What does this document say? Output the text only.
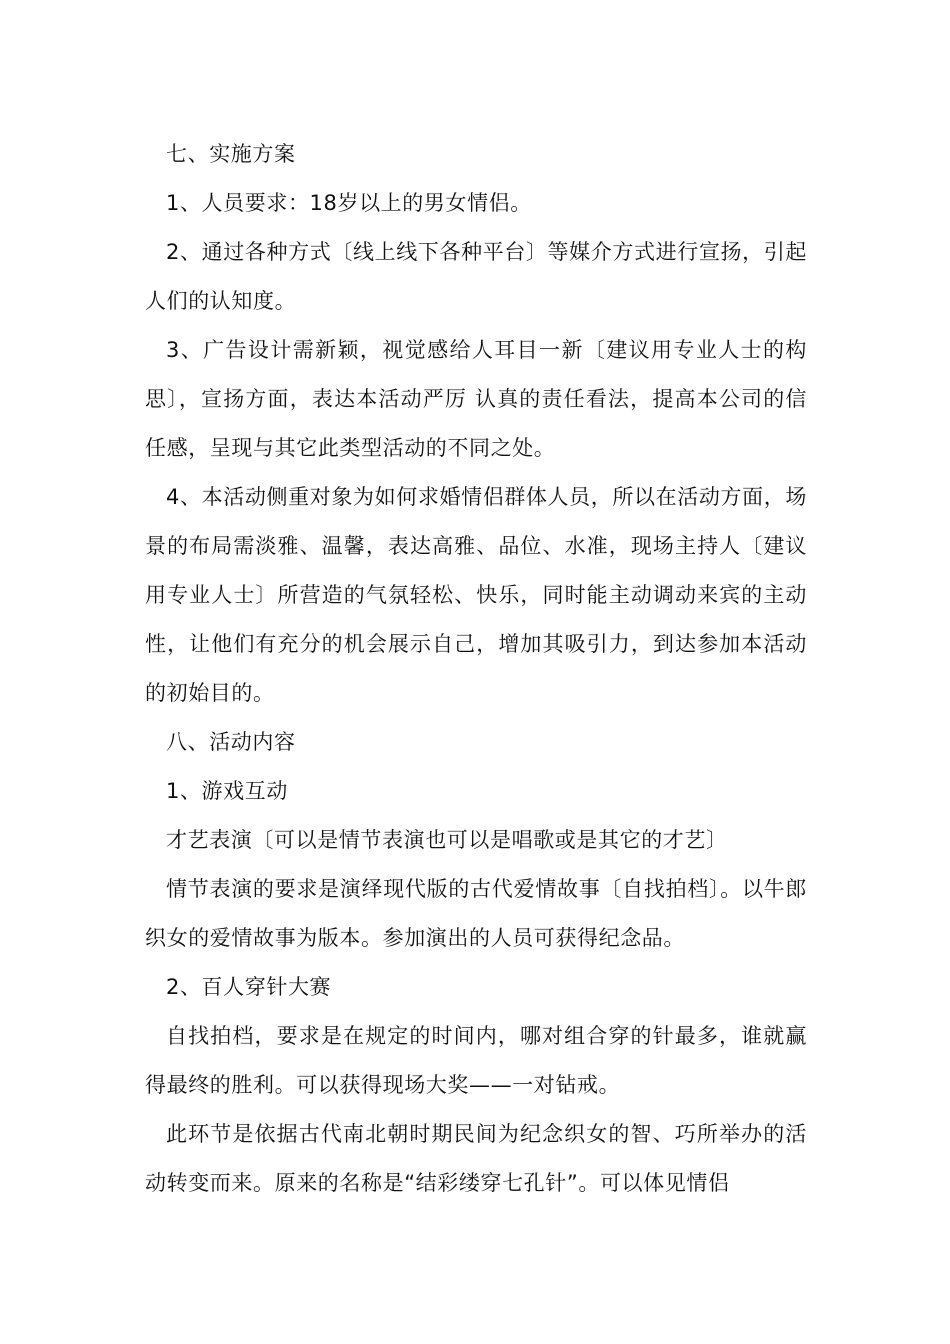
七、实施方案

1、人员要求：18岁以上的男女情侣。

2、通过各种方式〔线上线下各种平台〕等媒介方式进行宣扬，引起人们的认知度。

3、广告设计需新颖，视觉感给人耳目一新〔建议用专业人士的构思〕，宣扬方面，表达本活动严厉 认真的责任看法，提高本公司的信任感，呈现与其它此类型活动的不同之处。

4、本活动侧重对象为如何求婚情侣群体人员，所以在活动方面，场景的布局需淡雅、温馨，表达高雅、品位、水准，现场主持人〔建议用专业人士〕所营造的气氛轻松、快乐，同时能主动调动来宾的主动性，让他们有充分的机会展示自己，增加其吸引力，到达参加本活动的初始目的。

八、活动内容

1、游戏互动

才艺表演〔可以是情节表演也可以是唱歌或是其它的才艺〕

情节表演的要求是演绎现代版的古代爱情故事〔自找拍档〕。以牛郎织女的爱情故事为版本。参加演出的人员可获得纪念品。

2、百人穿针大赛

自找拍档，要求是在规定的时间内，哪对组合穿的针最多，谁就赢得最终的胜利。可以获得现场大奖——一对钻戒。

此环节是依据古代南北朝时期民间为纪念织女的智、巧所举办的活动转变而来。原来的名称是“结彩缕穿七孔针”。可以体见情侣
